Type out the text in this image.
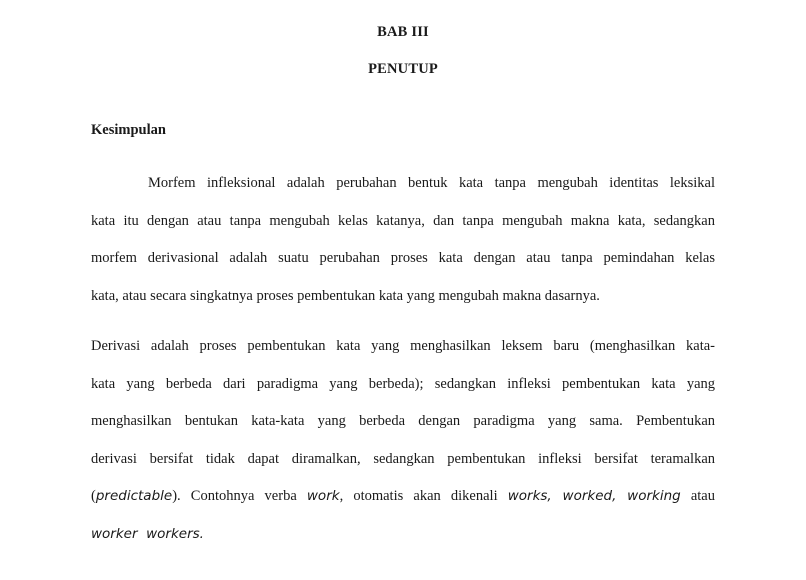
BAB III
PENUTUP
Kesimpulan
Morfem infleksional adalah perubahan bentuk kata tanpa mengubah identitas leksikal
kata itu dengan atau tanpa mengubah kelas katanya, dan tanpa mengubah makna kata, sedangkan
morfem derivasional adalah suatu perubahan proses kata dengan atau tanpa pemindahan kelas
kata, atau secara singkatnya proses pembentukan kata yang mengubah makna dasarnya.
Derivasi adalah proses pembentukan kata yang menghasilkan leksem baru (menghasilkan kata-
kata yang berbeda dari paradigma yang berbeda); sedangkan infleksi pembentukan kata yang
menghasilkan bentukan kata-kata yang berbeda dengan paradigma yang sama. Pembentukan
derivasi bersifat tidak dapat diramalkan, sedangkan pembentukan infleksi bersifat teramalkan
(predictable). Contohnya verba work, otomatis akan dikenali works, worked, working atau
worker  workers.
